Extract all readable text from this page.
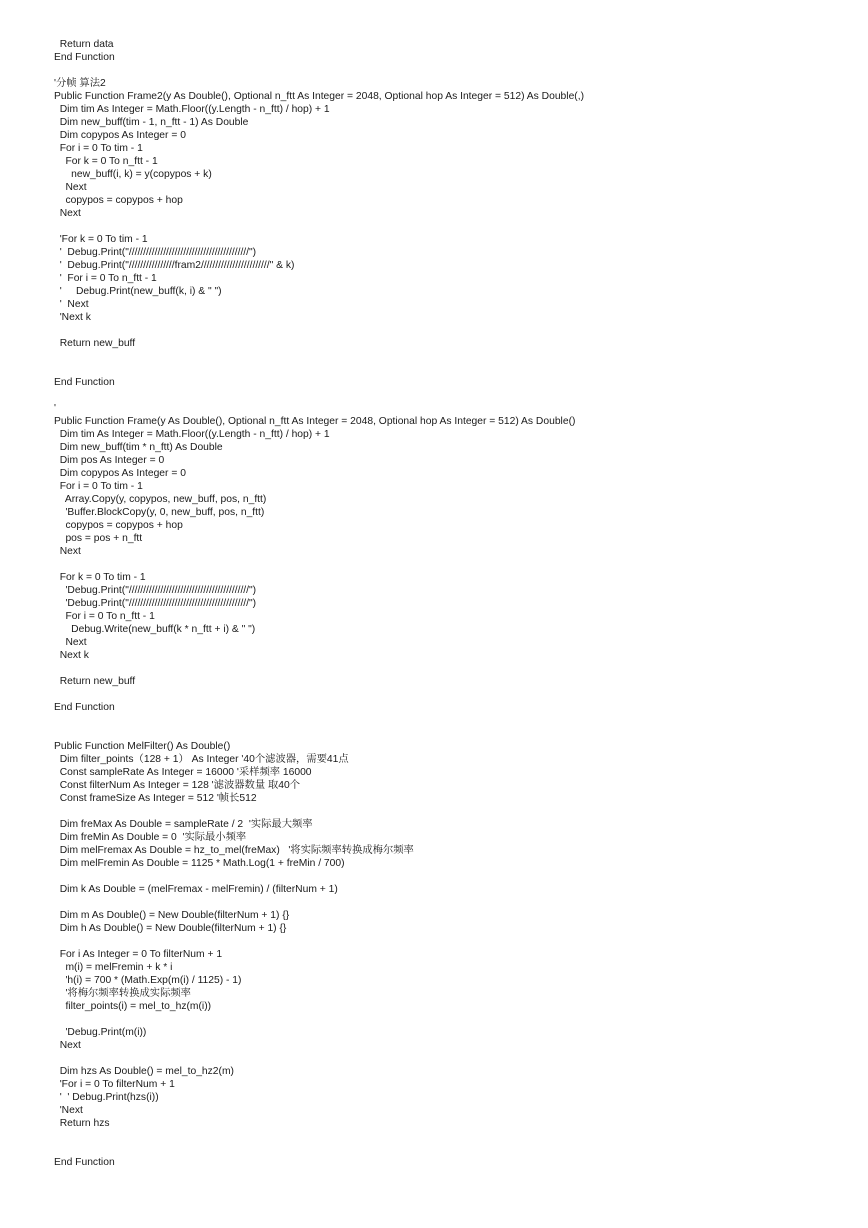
Return data
End Function
'分帧 算法2
Public Function Frame2(y As Double(), Optional n_ftt As Integer = 2048, Optional hop As Integer = 512) As Double(,)
Dim tim As Integer = Math.Floor((y.Length - n_ftt) / hop) + 1
Dim new_buff(tim - 1, n_ftt - 1) As Double
Dim copypos As Integer = 0
For i = 0 To tim - 1
For k = 0 To n_ftt - 1
new_buff(i, k) = y(copypos + k)
Next
copypos = copypos + hop
Next
'For k = 0 To tim - 1
'  Debug.Print("//////////////////////////////////////////")
'  Debug.Print("////////////////fram2////////////////////////" & k)
'  For i = 0 To n_ftt - 1
'     Debug.Print(new_buff(k, i) & " ")
'  Next
'Next k
Return new_buff
End Function
'
Public Function Frame(y As Double(), Optional n_ftt As Integer = 2048, Optional hop As Integer = 512) As Double()
Dim tim As Integer = Math.Floor((y.Length - n_ftt) / hop) + 1
Dim new_buff(tim * n_ftt) As Double
Dim pos As Integer = 0
Dim copypos As Integer = 0
For i = 0 To tim - 1
Array.Copy(y, copypos, new_buff, pos, n_ftt)
'Buffer.BlockCopy(y, 0, new_buff, pos, n_ftt)
copypos = copypos + hop
pos = pos + n_ftt
Next
For k = 0 To tim - 1
'Debug.Print("//////////////////////////////////////////")
'Debug.Print("//////////////////////////////////////////")
For i = 0 To n_ftt - 1
Debug.Write(new_buff(k * n_ftt + i) & " ")
Next
Next k
Return new_buff
End Function
Public Function MelFilter() As Double()
Dim filter_points（128 + 1） As Integer '40个滤波器，需要41点
Const sampleRate As Integer = 16000 '采样频率 16000
Const filterNum As Integer = 128 '滤波器数量 取40个
Const frameSize As Integer = 512 '帧长512
Dim freMax As Double = sampleRate / 2  '实际最大频率
Dim freMin As Double = 0  '实际最小频率
Dim melFremax As Double = hz_to_mel(freMax)   '将实际频率转换成梅尔频率
Dim melFremin As Double = 1125 * Math.Log(1 + freMin / 700)
Dim k As Double = (melFremax - melFremin) / (filterNum + 1)
Dim m As Double() = New Double(filterNum + 1) {}
Dim h As Double() = New Double(filterNum + 1) {}
For i As Integer = 0 To filterNum + 1
m(i) = melFremin + k * i
'h(i) = 700 * (Math.Exp(m(i) / 1125) - 1)
'将梅尔频率转换成实际频率
filter_points(i) = mel_to_hz(m(i))
'Debug.Print(m(i))
Next
Dim hzs As Double() = mel_to_hz2(m)
'For i = 0 To filterNum + 1
'  ' Debug.Print(hzs(i))
'Next
Return hzs
End Function
